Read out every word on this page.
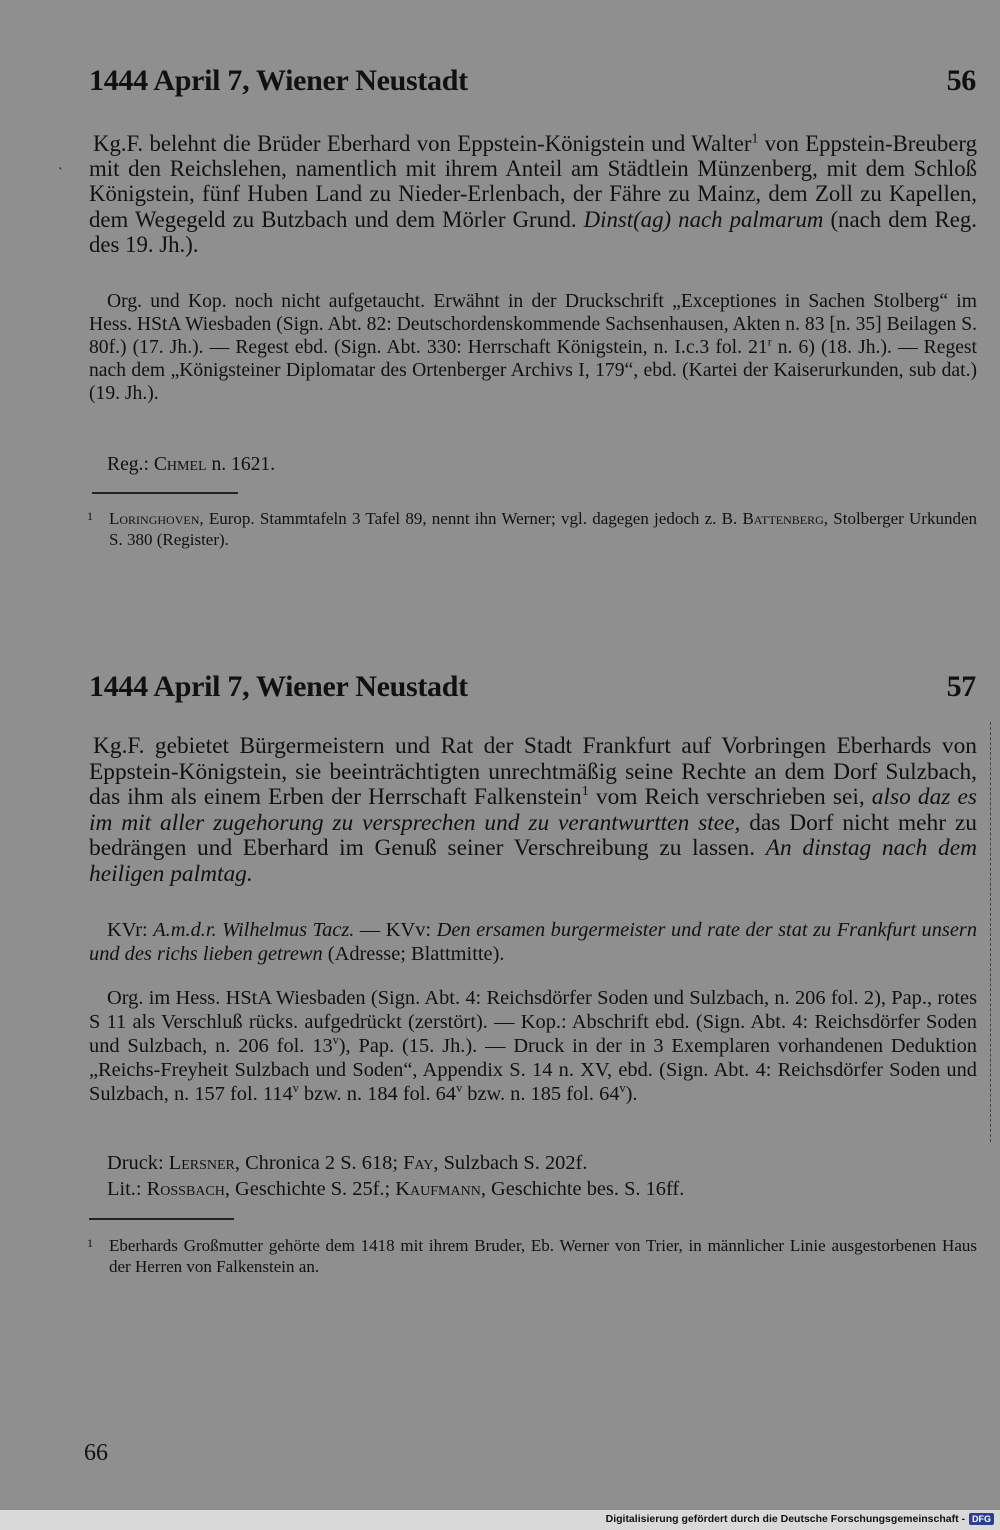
1444 April 7, Wiener Neustadt	56
`
Kg.F. belehnt die Brüder Eberhard von Eppstein-Königstein und Walter$^1$ von Eppstein-Breuberg mit den Reichslehen, namentlich mit ihrem Anteil am Städtlein Münzenberg, mit dem Schloß Königstein, fünf Huben Land zu Nieder-Erlenbach, der Fähre zu Mainz, dem Zoll zu Kapellen, dem Wegegeld zu Butzbach und dem Mörler Grund. Dinst(ag) nach palmarum (nach dem Reg. des 19. Jh.).
Org. und Kop. noch nicht aufgetaucht. Erwähnt in der Druckschrift „Exceptiones in Sachen Stolberg“ im Hess. HStA Wiesbaden (Sign. Abt. 82: Deutschordenskommende Sachsenhausen, Akten n. 83 [n. 35] Beilagen S. 80f.) (17. Jh.). — Regest ebd. (Sign. Abt. 330: Herrschaft Königstein, n. I.c.3 fol. 21$^r$ n. 6) (18. Jh.). — Regest nach dem „Königsteiner Diplomatar des Ortenberger Archivs I, 179“, ebd. (Kartei der Kaiserurkunden, sub dat.) (19. Jh.).
Reg.: Chmel n. 1621.
1 Loringhoven, Europ. Stammtafeln 3 Tafel 89, nennt ihn Werner; vgl. dagegen jedoch z. B. Battenberg, Stolberger Urkunden S. 380 (Register).
1444 April 7, Wiener Neustadt	57
Kg.F. gebietet Bürgermeistern und Rat der Stadt Frankfurt auf Vorbringen Eberhards von Eppstein-Königstein, sie beeinträchtigten unrechtmäßig seine Rechte an dem Dorf Sulzbach, das ihm als einem Erben der Herrschaft Falkenstein$^1$ vom Reich verschrieben sei, also daz es im mit aller zugehorung zu versprechen und zu verantwurtten stee, das Dorf nicht mehr zu bedrängen und Eberhard im Genuß seiner Verschreibung zu lassen. An dinstag nach dem heiligen palmtag.
KVr: A.m.d.r. Wilhelmus Tacz. — KVv: Den ersamen burgermeister und rate der stat zu Frankfurt unsern und des richs lieben getrewn (Adresse; Blattmitte).
Org. im Hess. HStA Wiesbaden (Sign. Abt. 4: Reichsdörfer Soden und Sulzbach, n. 206 fol. 2), Pap., rotes S 11 als Verschluß rücks. aufgedrückt (zerstört). — Kop.: Abschrift ebd. (Sign. Abt. 4: Reichsdörfer Soden und Sulzbach, n. 206 fol. 13$^v$), Pap. (15. Jh.). — Druck in der in 3 Exemplaren vorhandenen Deduktion „Reichs-Freyheit Sulzbach und Soden“, Appendix S. 14 n. XV, ebd. (Sign. Abt. 4: Reichsdörfer Soden und Sulzbach, n. 157 fol. 114$^v$ bzw. n. 184 fol. 64$^v$ bzw. n. 185 fol. 64$^v$).
Druck: Lersner, Chronica 2 S. 618; Fay, Sulzbach S. 202f.
Lit.: Rossbach, Geschichte S. 25f.; Kaufmann, Geschichte bes. S. 16ff.
1 Eberhards Großmutter gehörte dem 1418 mit ihrem Bruder, Eb. Werner von Trier, in männlicher Linie ausgestorbenen Haus der Herren von Falkenstein an.
66
Digitalisierung gefördert durch die Deutsche Forschungsgemeinschaft - DFG
